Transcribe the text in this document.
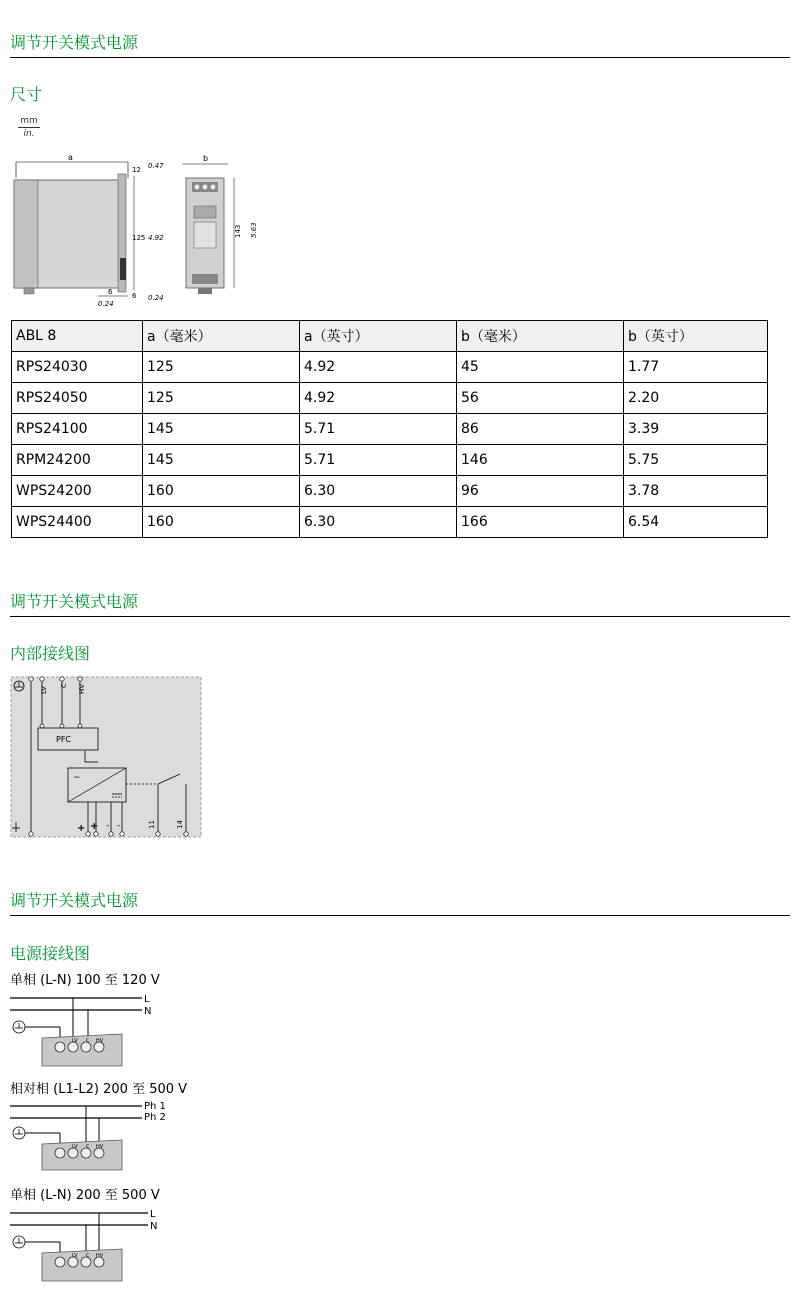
调节开关模式电源
尺寸
mm
in.
a
12 0.47
125 4.92
6 0.24
6
0.24
b
143 5.63
ABL 8	a（毫米）	a（英寸）	b（毫米）	b（英寸）
RPS24030	125	4.92	45	1.77
RPS24050	125	4.92	56	2.20
RPS24100	145	5.71	86	3.39
RPM24200	145	5.71	146	5.75
WPS24200	160	6.30	96	3.78
WPS24400	160	6.30	166	6.54
调节开关模式电源
内部接线图
LV
C HV
PFC
~
+ + - -	11	14
调节开关模式电源
电源接线图
单相 (L-N) 100 至 120 V
L
N
LV C HV
相对相 (L1-L2) 200 至 500 V
Ph 1
Ph 2
LV C HV
单相 (L-N) 200 至 500 V
L
N
LV C HV
